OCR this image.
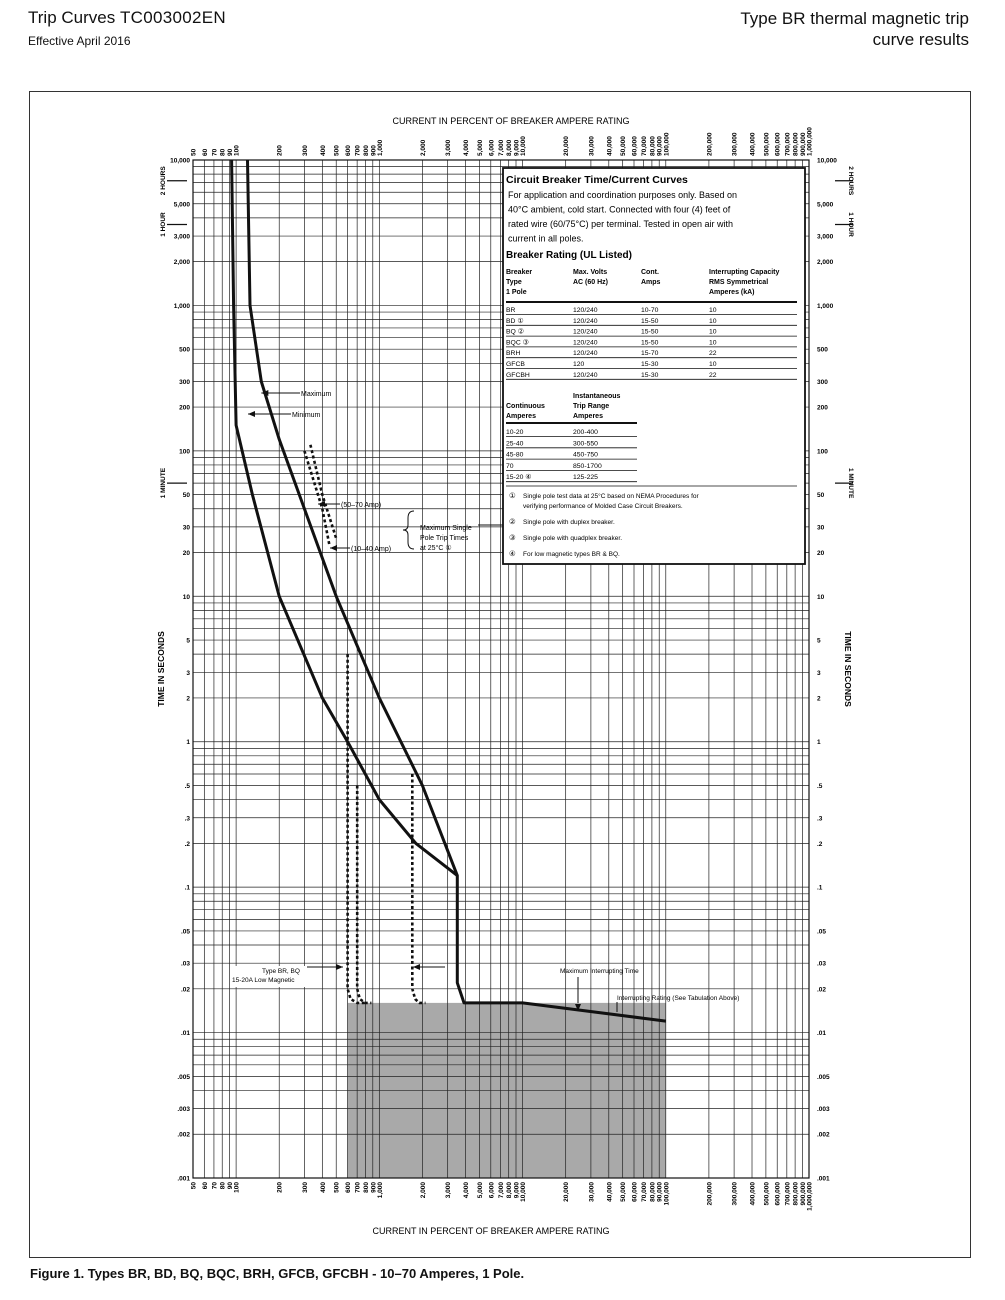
Trip Curves TC003002EN
Effective April 2016
Type BR thermal magnetic trip
curve results
50
50
60
60
70
70
80
80
90
90
100
100
200
200
300
300
400
400
500
500
600
600
700
700
800
800
900
900
1,000
1,000
2,000
2,000
3,000
3,000
4,000
4,000
5,000
5,000
6,000
6,000
7,000
7,000
8,000
8,000
9,000
9,000
10,000
10,000
20,000
20,000
30,000
30,000
40,000
40,000
50,000
50,000
60,000
60,000
70,000
70,000
80,000
80,000
90,000
90,000
100,000
100,000
200,000
200,000
300,000
300,000
400,000
400,000
500,000
500,000
600,000
600,000
700,000
700,000
800,000
800,000
900,000
900,000
1,000,000
1,000,000
10,000	10,000
5,000	5,000
3,000	3,000
2,000	2,000
1,000	1,000
500	500
300	300
200	200
100	100
50	50
30	30
20	20
10	10
5	5
3	3
2	2
1	1
.5	.5
.3	.3
.2	.2
.1	.1
.05	.05
.03	.03
.02	.02
.01	.01
.005	.005
.003	.003
.002	.002
.001	.001
2 HOURS	2 HOURS
1 HOUR	1 HOUR
1 MINUTE	1 MINUTE
CURRENT IN PERCENT OF BREAKER AMPERE RATING
CURRENT IN PERCENT OF BREAKER AMPERE RATING
TIME IN SECONDS	TIME IN SECONDS
Maximum
Minimum
(50–70 Amp)
(10–40 Amp)
Maximum Single Pole Trip Times at 25°C ①
Type BR, BQ
15-20A Low Magnetic
Maximum Interrupting Time
Interrupting Rating (See Tabulation Above)
Circuit Breaker Time/Current Curves
For application and coordination purposes only. Based on
40°C ambient, cold start. Connected with four (4) feet of
rated wire (60/75°C) per terminal. Tested in open air with
current in all poles.
Breaker Rating (UL Listed)
Breaker
Type
1 Pole
Max. Volts
AC (60 Hz)
Cont.
Amps
Interrupting Capacity
RMS Symmetrical
Amperes (kA)
BR	120/240	10-70	10
BD ①	120/240	15-50	10
BQ ②	120/240	15-50	10
BQC ③	120/240	15-50	10
BRH	120/240	15-70	22
GFCB	120	15-30	10
GFCBH	120/240	15-30	22
Continuous
Amperes
Instantaneous
Trip Range
Amperes
10-20	200-400
25-40	300-550
45-80	450-750
70	850-1700
15-20 ④	125-225
① Single pole test data at 25°C based on NEMA Procedures for
verifying performance of Molded Case Circuit Breakers.
② Single pole with duplex breaker.
③ Single pole with quadplex breaker.
④ For low magnetic types BR & BQ.
Figure 1. Types BR, BD, BQ, BQC, BRH, GFCB, GFCBH - 10–70 Amperes, 1 Pole.
